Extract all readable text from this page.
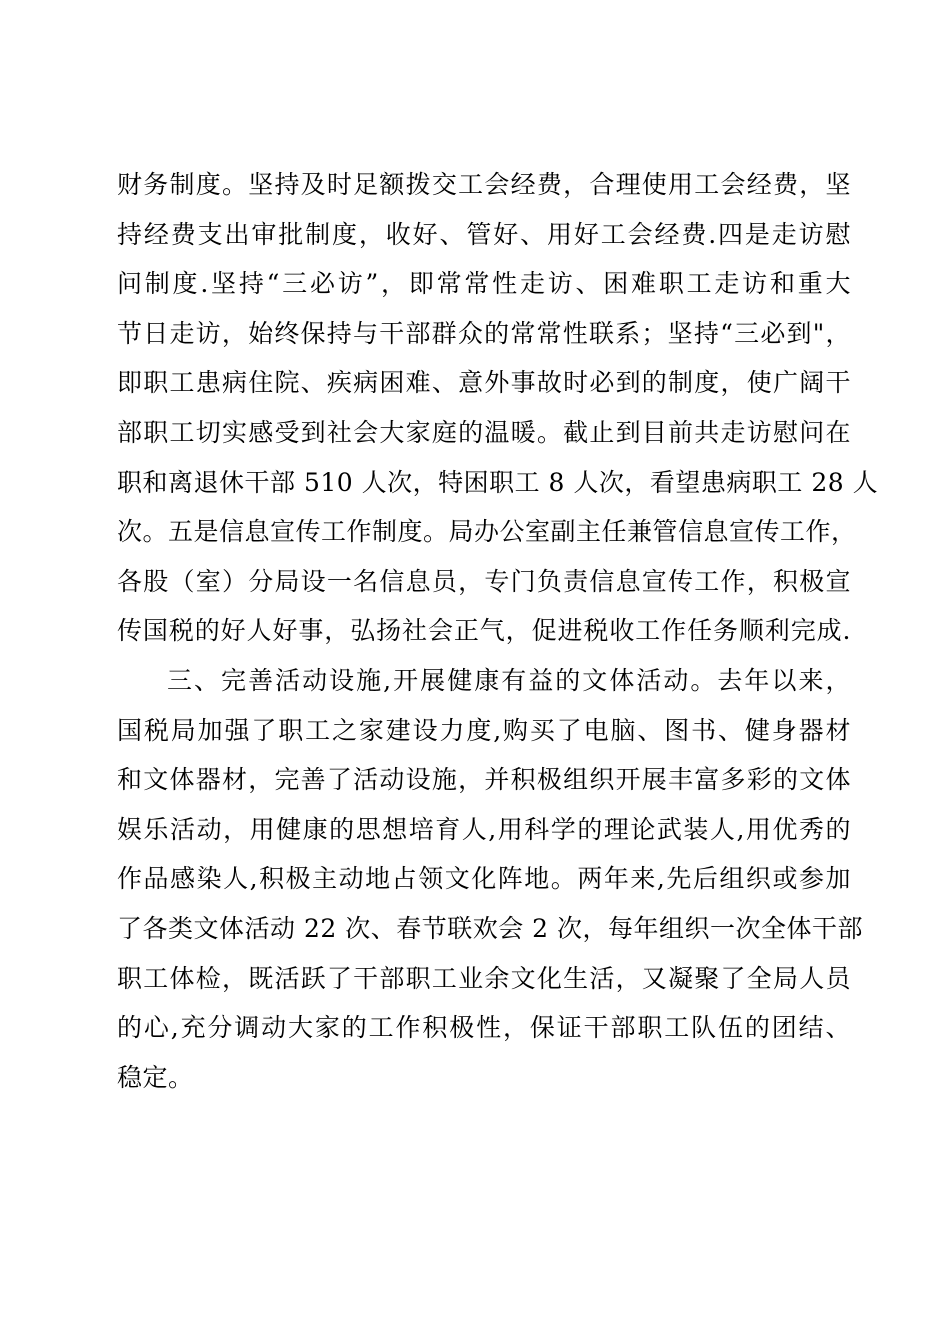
财务制度。坚持及时足额拨交工会经费，合理使用工会经费，坚
持经费支出审批制度，收好、管好、用好工会经费.四是走访慰
问制度.坚持“三必访”，即常常性走访、困难职工走访和重大
节日走访，始终保持与干部群众的常常性联系；坚持“三必到"，
即职工患病住院、疾病困难、意外事故时必到的制度，使广阔干
部职工切实感受到社会大家庭的温暖。截止到目前共走访慰问在
职和离退休干部 510 人次，特困职工 8 人次，看望患病职工 28 人
次。五是信息宣传工作制度。局办公室副主任兼管信息宣传工作，
各股（室）分局设一名信息员，专门负责信息宣传工作，积极宣
传国税的好人好事，弘扬社会正气，促进税收工作任务顺利完成.
三、完善活动设施,开展健康有益的文体活动。去年以来，
国税局加强了职工之家建设力度,购买了电脑、图书、健身器材
和文体器材，完善了活动设施，并积极组织开展丰富多彩的文体
娱乐活动，用健康的思想培育人,用科学的理论武装人,用优秀的
作品感染人,积极主动地占领文化阵地。两年来,先后组织或参加
了各类文体活动 22 次、春节联欢会 2 次，每年组织一次全体干部
职工体检，既活跃了干部职工业余文化生活，又凝聚了全局人员
的心,充分调动大家的工作积极性，保证干部职工队伍的团结、
稳定。
